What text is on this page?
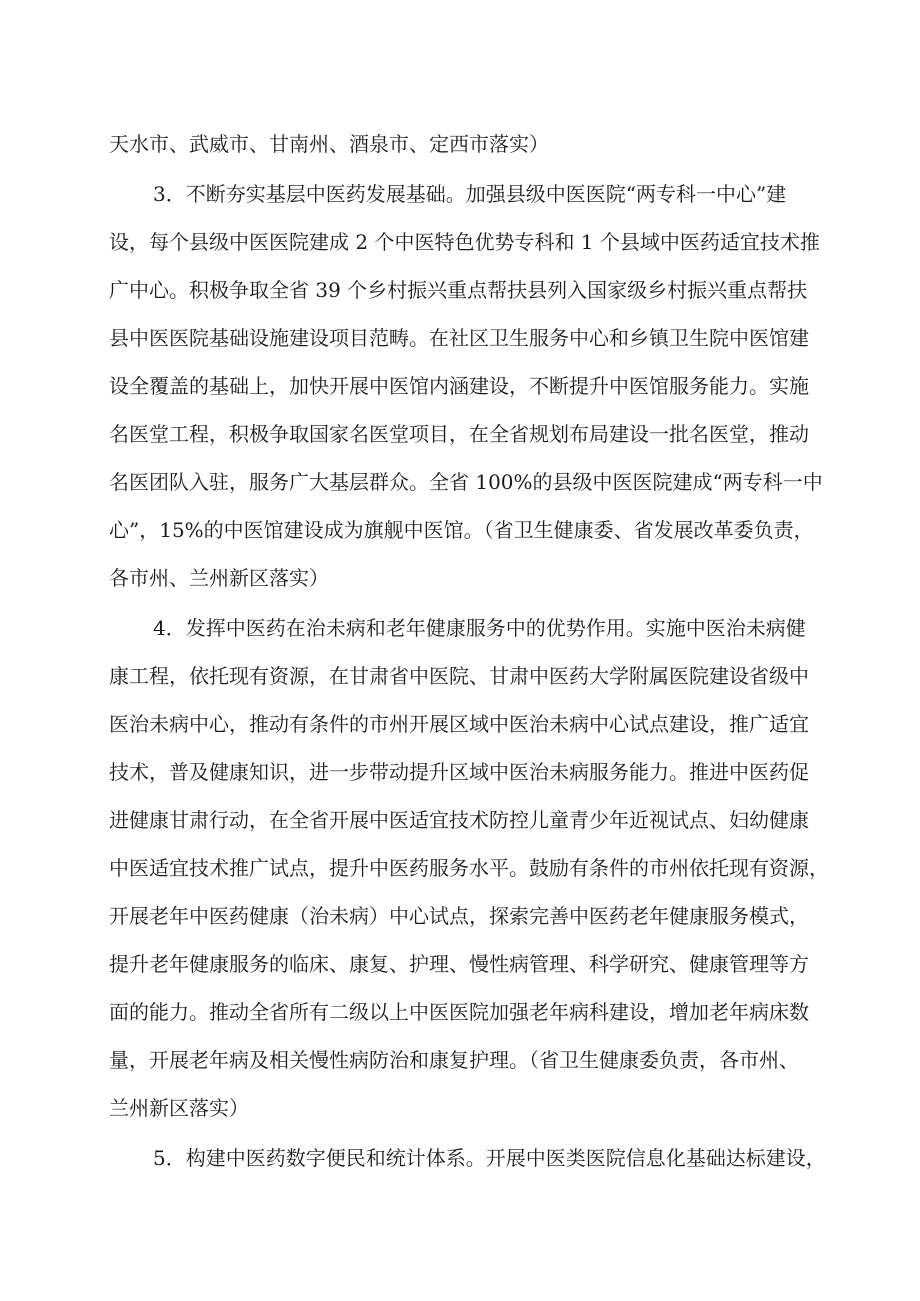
天水市、武威市、甘南州、酒泉市、定西市落实）
3．不断夯实基层中医药发展基础。加强县级中医医院“两专科一中心”建
设，每个县级中医医院建成 2 个中医特色优势专科和 1 个县域中医药适宜技术推
广中心。积极争取全省 39 个乡村振兴重点帮扶县列入国家级乡村振兴重点帮扶
县中医医院基础设施建设项目范畴。在社区卫生服务中心和乡镇卫生院中医馆建
设全覆盖的基础上，加快开展中医馆内涵建设，不断提升中医馆服务能力。实施
名医堂工程，积极争取国家名医堂项目，在全省规划布局建设一批名医堂，推动
名医团队入驻，服务广大基层群众。全省 100%的县级中医医院建成“两专科一中
心”，15%的中医馆建设成为旗舰中医馆。（省卫生健康委、省发展改革委负责，
各市州、兰州新区落实）
4．发挥中医药在治未病和老年健康服务中的优势作用。实施中医治未病健
康工程，依托现有资源，在甘肃省中医院、甘肃中医药大学附属医院建设省级中
医治未病中心，推动有条件的市州开展区域中医治未病中心试点建设，推广适宜
技术，普及健康知识，进一步带动提升区域中医治未病服务能力。推进中医药促
进健康甘肃行动，在全省开展中医适宜技术防控儿童青少年近视试点、妇幼健康
中医适宜技术推广试点，提升中医药服务水平。鼓励有条件的市州依托现有资源，
开展老年中医药健康（治未病）中心试点，探索完善中医药老年健康服务模式，
提升老年健康服务的临床、康复、护理、慢性病管理、科学研究、健康管理等方
面的能力。推动全省所有二级以上中医医院加强老年病科建设，增加老年病床数
量，开展老年病及相关慢性病防治和康复护理。（省卫生健康委负责，各市州、
兰州新区落实）
5．构建中医药数字便民和统计体系。开展中医类医院信息化基础达标建设，
